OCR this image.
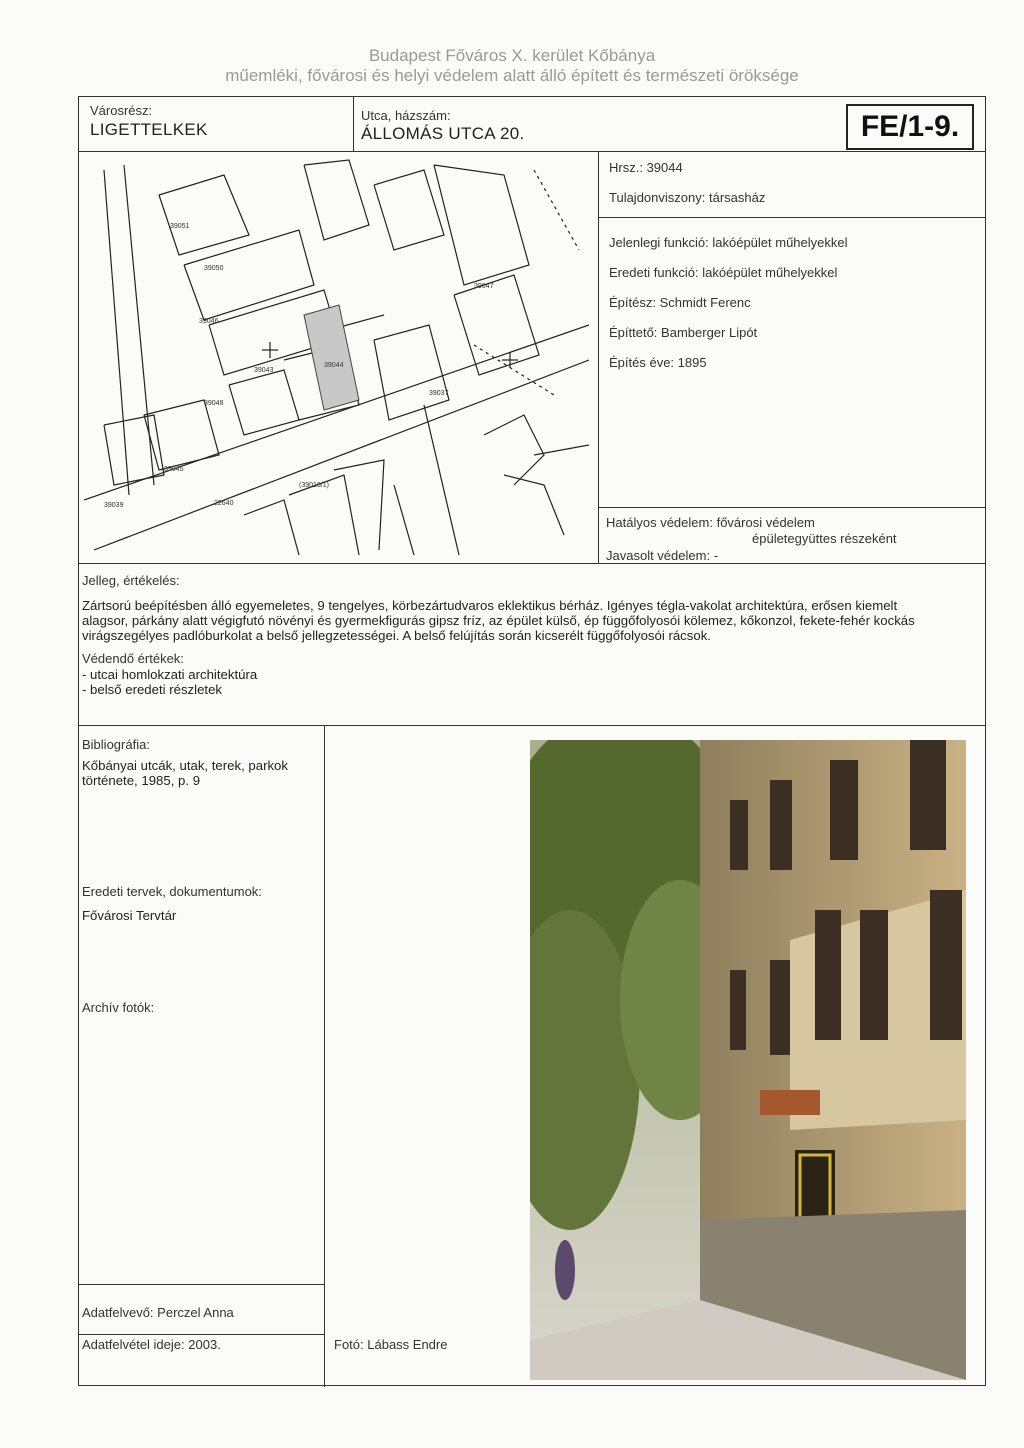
Budapest Főváros X. kerület Kőbánya
műemléki, fővárosi és helyi védelem alatt álló épített és természeti öröksége
Városrész:
LIGETTELKEK
Utca, házszám:
ÁLLOMÁS UTCA 20.	FE/1-9.
39051
39050
39046
39047
39044
39043
39048
39045
39039
39037
22640
(39016/1)
Hrsz.: 39044
Tulajdonviszony: társasház
Jelenlegi funkció: lakóépület műhelyekkel
Eredeti funkció: lakóépület műhelyekkel
Építész: Schmidt Ferenc
Építtető: Bamberger Lipót
Építés éve: 1895
Hatályos védelem: fővárosi védelem
épületegyüttes részeként
Javasolt védelem: -
Jelleg, értékelés:
Zártsorú beépítésben álló egyemeletes, 9 tengelyes, körbezártudvaros eklektikus bérház. Igényes tégla-vakolat architektúra, erősen kiemelt
alagsor, párkány alatt végigfutó növényi és gyermekfigurás gipsz fríz, az épület külső, ép függőfolyosói kölemez, kőkonzol, fekete-fehér kockás
virágszegélyes padlóburkolat a belső jellegzetességei. A belső felújítás során kicserélt függőfolyosói rácsok.
Védendő értékek:
- utcai homlokzati architektúra
- belső eredeti részletek
Bibliográfia:
Kőbányai utcák, utak, terek, parkok
története, 1985, p. 9
Eredeti tervek, dokumentumok:
Fővárosi Tervtár
Archív fotók:
Adatfelvevő: Perczel Anna
Adatfelvétel ideje: 2003.	Fotó: Lábass Endre
